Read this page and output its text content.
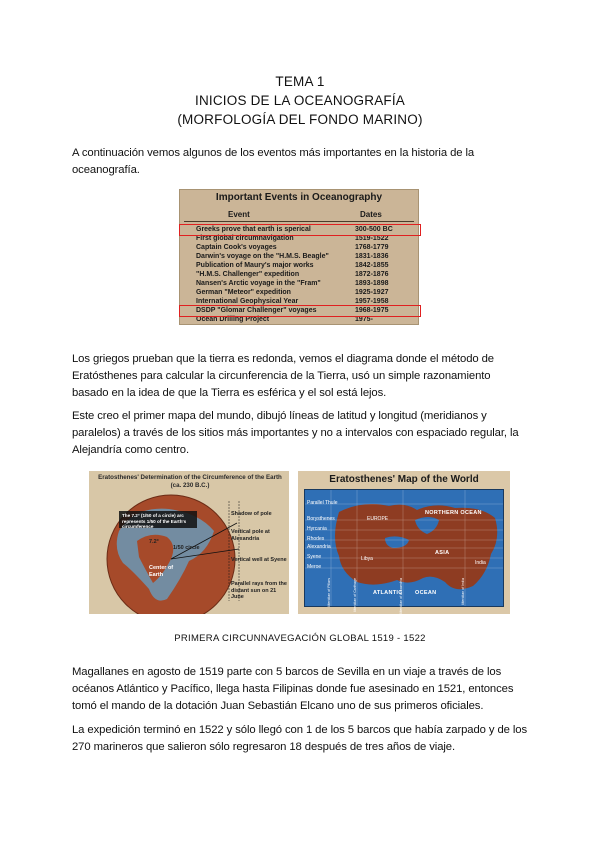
TEMA 1
INICIOS DE LA OCEANOGRAFÍA
(MORFOLOGÍA DEL FONDO MARINO)
A continuación vemos algunos de los eventos más importantes en la historia de la oceanografía.
Important Events in Oceanography
Event	Dates
Greeks prove that earth is sperical	300-500 BC
First global circumnavigation	1519-1522
Captain Cook's voyages	1768-1779
Darwin's voyage on the "H.M.S. Beagle"	1831-1836
Publication of Maury's major works	1842-1855
"H.M.S. Challenger" expedition	1872-1876
Nansen's Arctic voyage in the "Fram"	1893-1898
German "Meteor" expedition	1925-1927
International Geophysical Year	1957-1958
DSDP "Glomar Challenger" voyages	1968-1975
Ocean Drilling Project	1975-
Los griegos prueban que la tierra es redonda, vemos el diagrama donde el método de Eratósthenes para calcular la circunferencia de la Tierra, usó un simple razonamiento basado en la idea de que la Tierra es esférica y el sol está lejos.
Este creo el primer mapa del mundo, dibujó líneas de latitud y longitud (meridianos y paralelos) a través de los sitios más importantes y no a intervalos con espaciado regular, la Alejandría como centro.
Eratosthenes' Determination of the Circumference of the Earth (ca. 230 B.C.)
The 7.2° (1/50 of a circle) arc represents 1/50 of the Earth's circumference
Shadow of pole
7.2°
1/50 circle
Vertical pole at Alexandria
Vertical well at Syene
Center of Earth
Parallel rays from the distant sun on 21 June
Eratosthenes' Map of the World
Parallel Thule
Borysthenes
Hyrcania
Rhodes
Alexandria
Syene
Meroe
NORTHERN OCEAN
ATLANTIC OCEAN
EUROPE
ASIA
Libya
India
Meridian of Pillars	Meridian of Carthage	Meridian of Alexandria	Meridian of India
PRIMERA CIRCUNNAVEGACIÓN GLOBAL 1519 - 1522
Magallanes en agosto de 1519 parte con 5 barcos de Sevilla en un viaje a través de los océanos Atlántico y Pacífico, llega hasta Filipinas donde fue asesinado en 1521, entonces tomó el mando de la dotación Juan Sebastián Elcano uno de sus primeros oficiales.
La expedición terminó en 1522 y sólo llegó con 1 de los 5 barcos que había zarpado y de los 270 marineros que salieron sólo regresaron 18 después de tres años de viaje.
